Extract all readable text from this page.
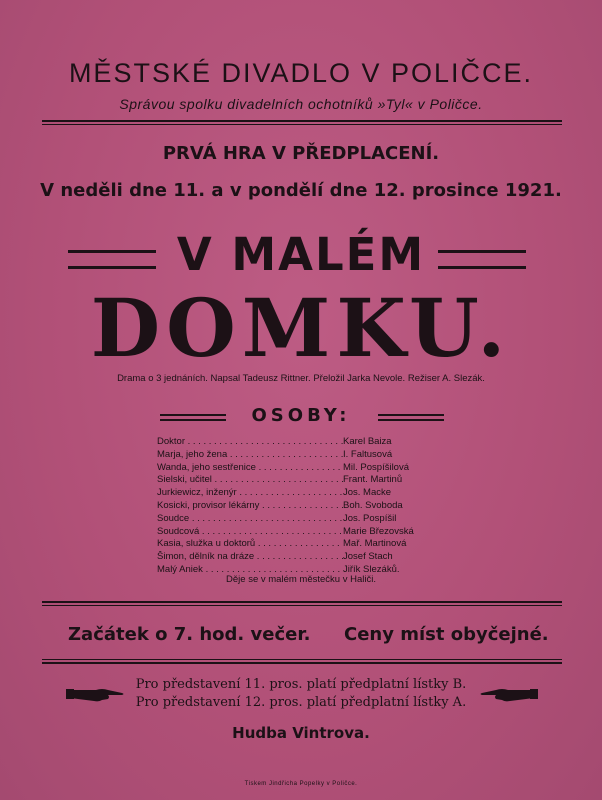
MĚSTSKÉ DIVADLO V POLIČCE.
Správou spolku divadelních ochotníků »Tyl« v Poličce.
PRVÁ HRA V PŘEDPLACENÍ.
V neděli dne 11. a v pondělí dne 12. prosince 1921.
V MALÉM
DOMKU.
Drama o 3 jednáních. Napsal Tadeusz Rittner. Přeložil Jarka Nevole. Režiser A. Slezák.
OSOBY:
Doktor . . .	Karel Baiza
Marja, jeho žena . . .	I. Faltusová
Wanda, jeho sestřenice . . .	Mil. Pospíšilová
Sielski, učitel . . .	Frant. Martinů
Jurkiewicz, inženýr . . .	Jos. Macke
Kosicki, provisor lékárny . . .	Boh. Svoboda
Soudce . . .	Jos. Pospíšil
Soudcová . . .	Marie Březovská
Kasia, služka u doktorů . . .	Mař. Martinová
Šimon, dělník na dráze . . .	Josef Stach
Malý Aniek . . .	Jiřík Slezáků.
Děje se v malém městečku v Haliči.
Začátek o 7. hod. večer. Ceny míst obyčejné.
Pro představení 11. pros. platí předplatní lístky B.
Pro představení 12. pros. platí předplatní lístky A.
Hudba Vintrova.
Tiskem Jindřicha Popelky v Poličce.
